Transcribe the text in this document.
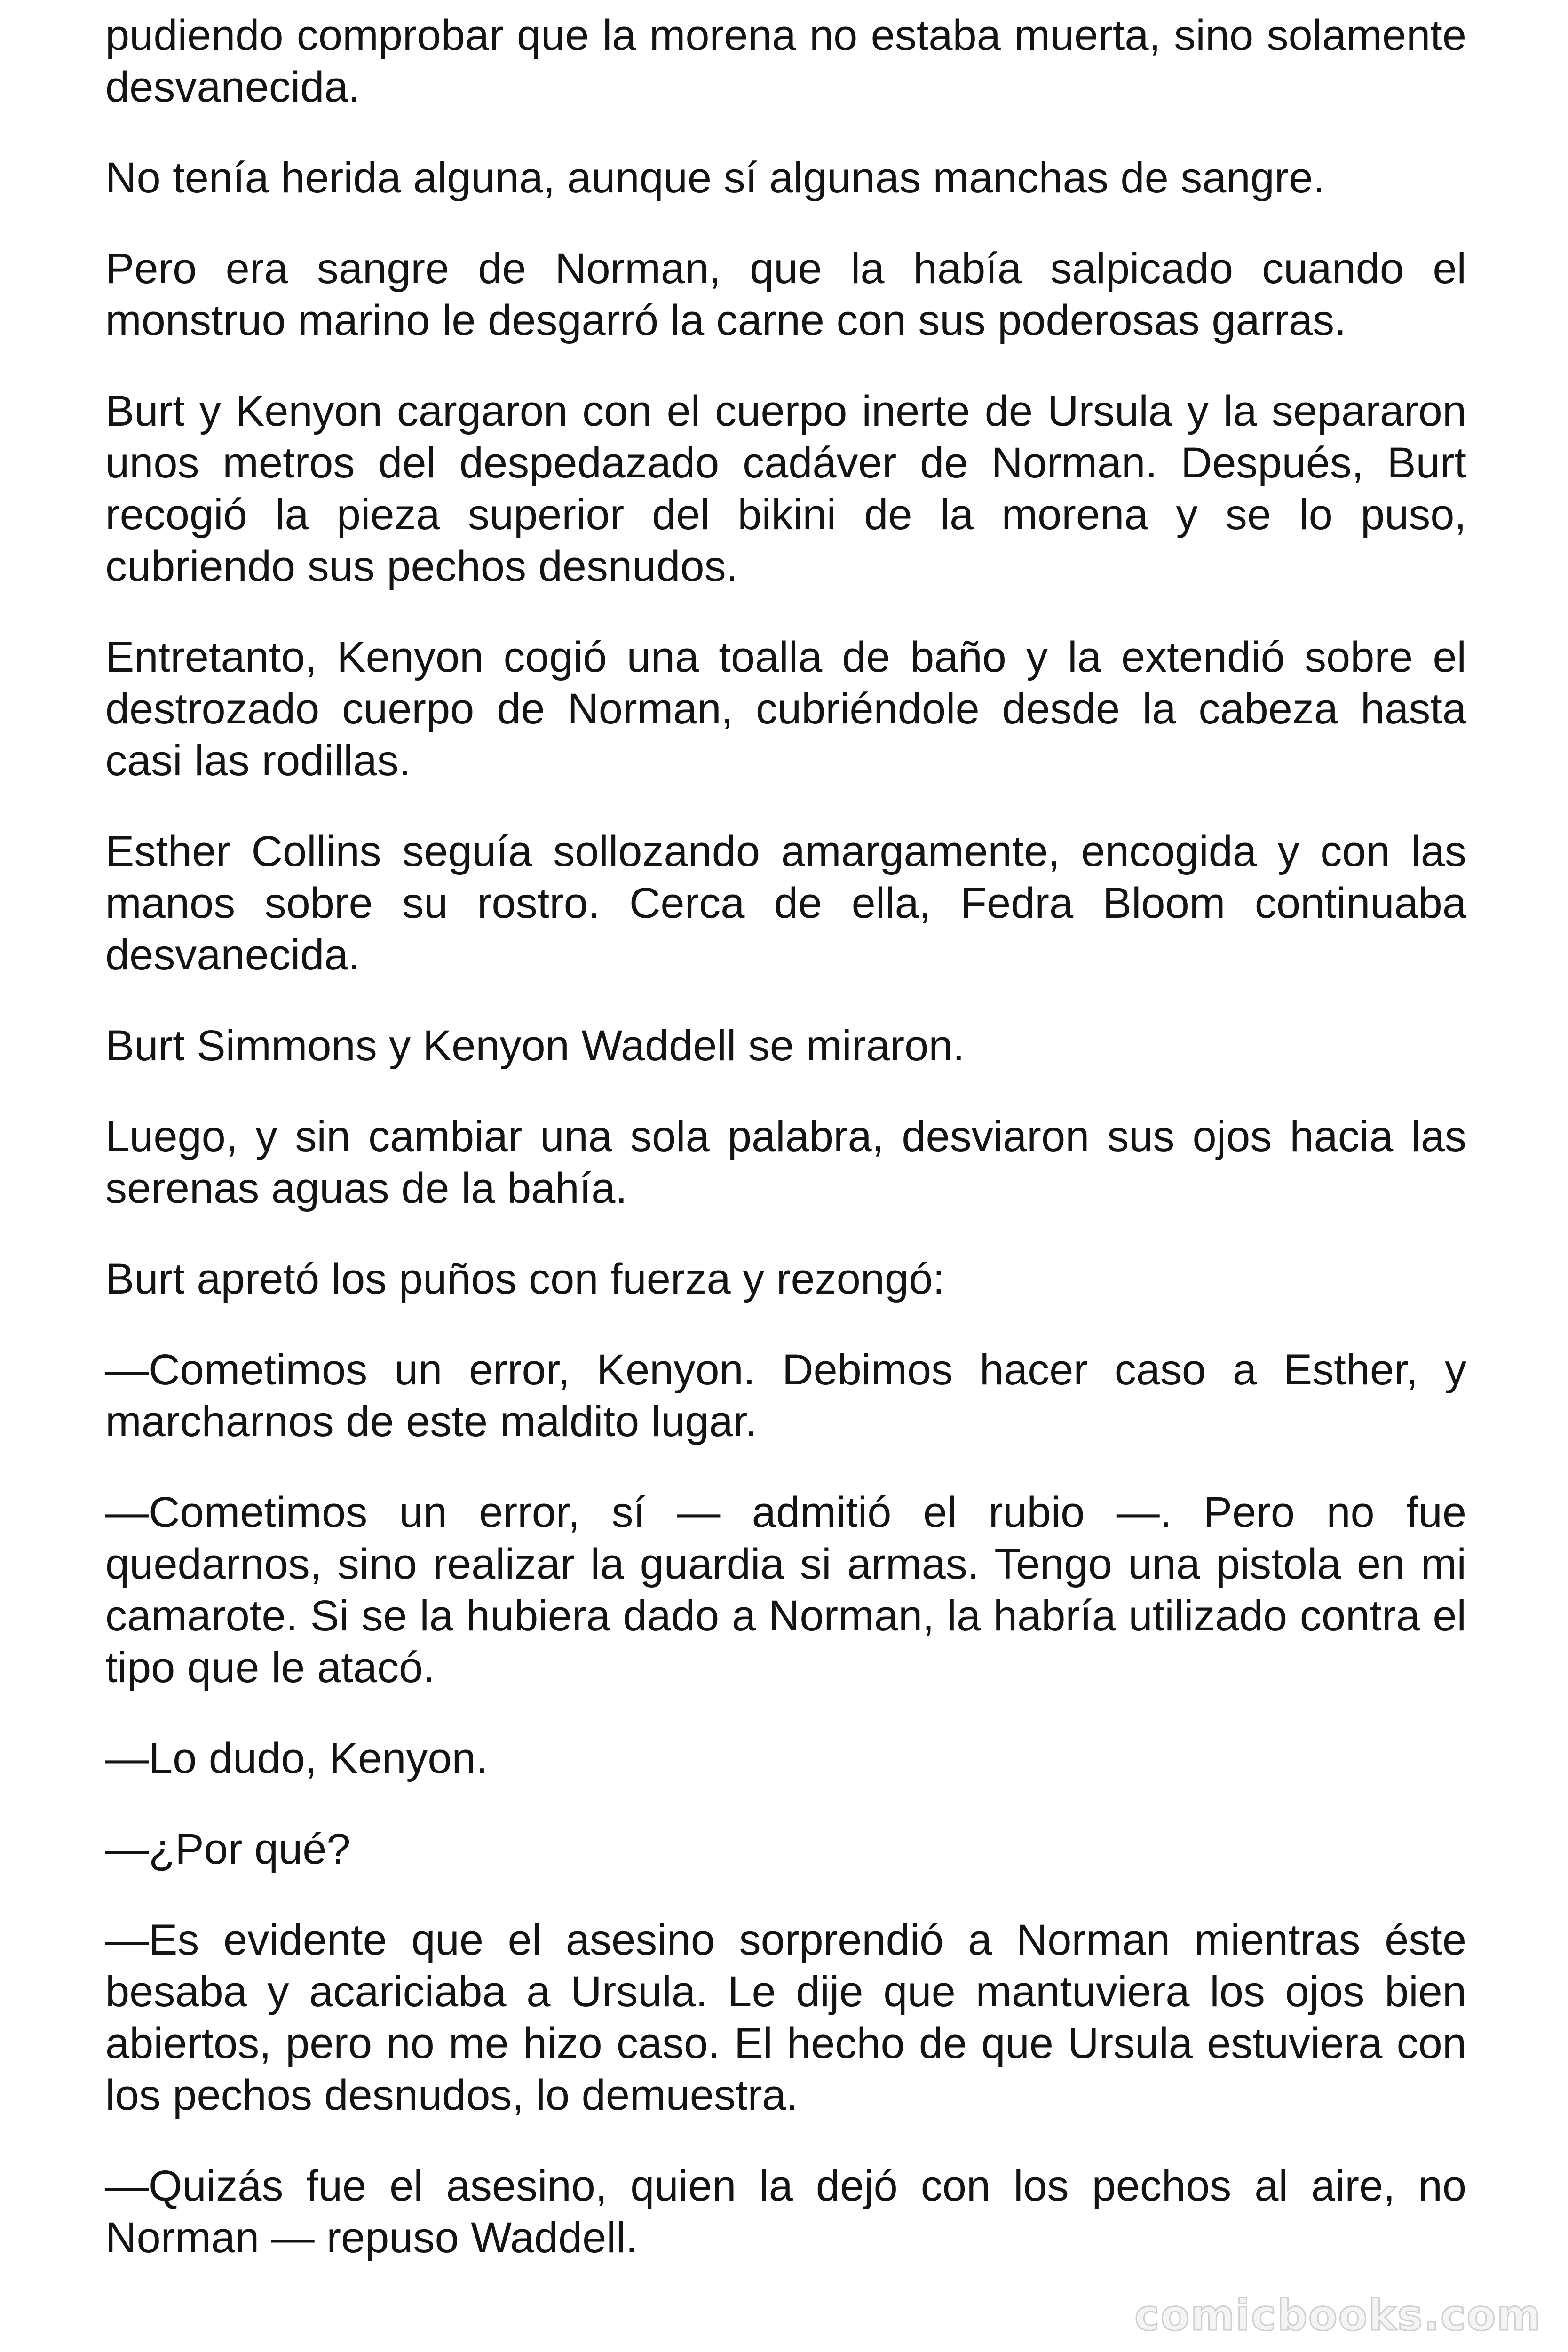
pudiendo comprobar que la morena no estaba muerta, sino solamente desvanecida.

No tenía herida alguna, aunque sí algunas manchas de sangre.

Pero era sangre de Norman, que la había salpicado cuando el monstruo marino le desgarró la carne con sus poderosas garras.

Burt y Kenyon cargaron con el cuerpo inerte de Ursula y la separaron unos metros del despedazado cadáver de Norman. Después, Burt recogió la pieza superior del bikini de la morena y se lo puso, cubriendo sus pechos desnudos.

Entretanto, Kenyon cogió una toalla de baño y la extendió sobre el destrozado cuerpo de Norman, cubriéndole desde la cabeza hasta casi las rodillas.

Esther Collins seguía sollozando amargamente, encogida y con las manos sobre su rostro. Cerca de ella, Fedra Bloom continuaba desvanecida.

Burt Simmons y Kenyon Waddell se miraron.

Luego, y sin cambiar una sola palabra, desviaron sus ojos hacia las serenas aguas de la bahía.

Burt apretó los puños con fuerza y rezongó:

—Cometimos un error, Kenyon. Debimos hacer caso a Esther, y marcharnos de este maldito lugar.

—Cometimos un error, sí — admitió el rubio —. Pero no fue quedarnos, sino realizar la guardia si armas. Tengo una pistola en mi camarote. Si se la hubiera dado a Norman, la habría utilizado contra el tipo que le atacó.

—Lo dudo, Kenyon.

—¿Por qué?

—Es evidente que el asesino sorprendió a Norman mientras éste besaba y acariciaba a Ursula. Le dije que mantuviera los ojos bien abiertos, pero no me hizo caso. El hecho de que Ursula estuviera con los pechos desnudos, lo demuestra.

—Quizás fue el asesino, quien la dejó con los pechos al aire, no Norman — repuso Waddell.

comicbooks.com
